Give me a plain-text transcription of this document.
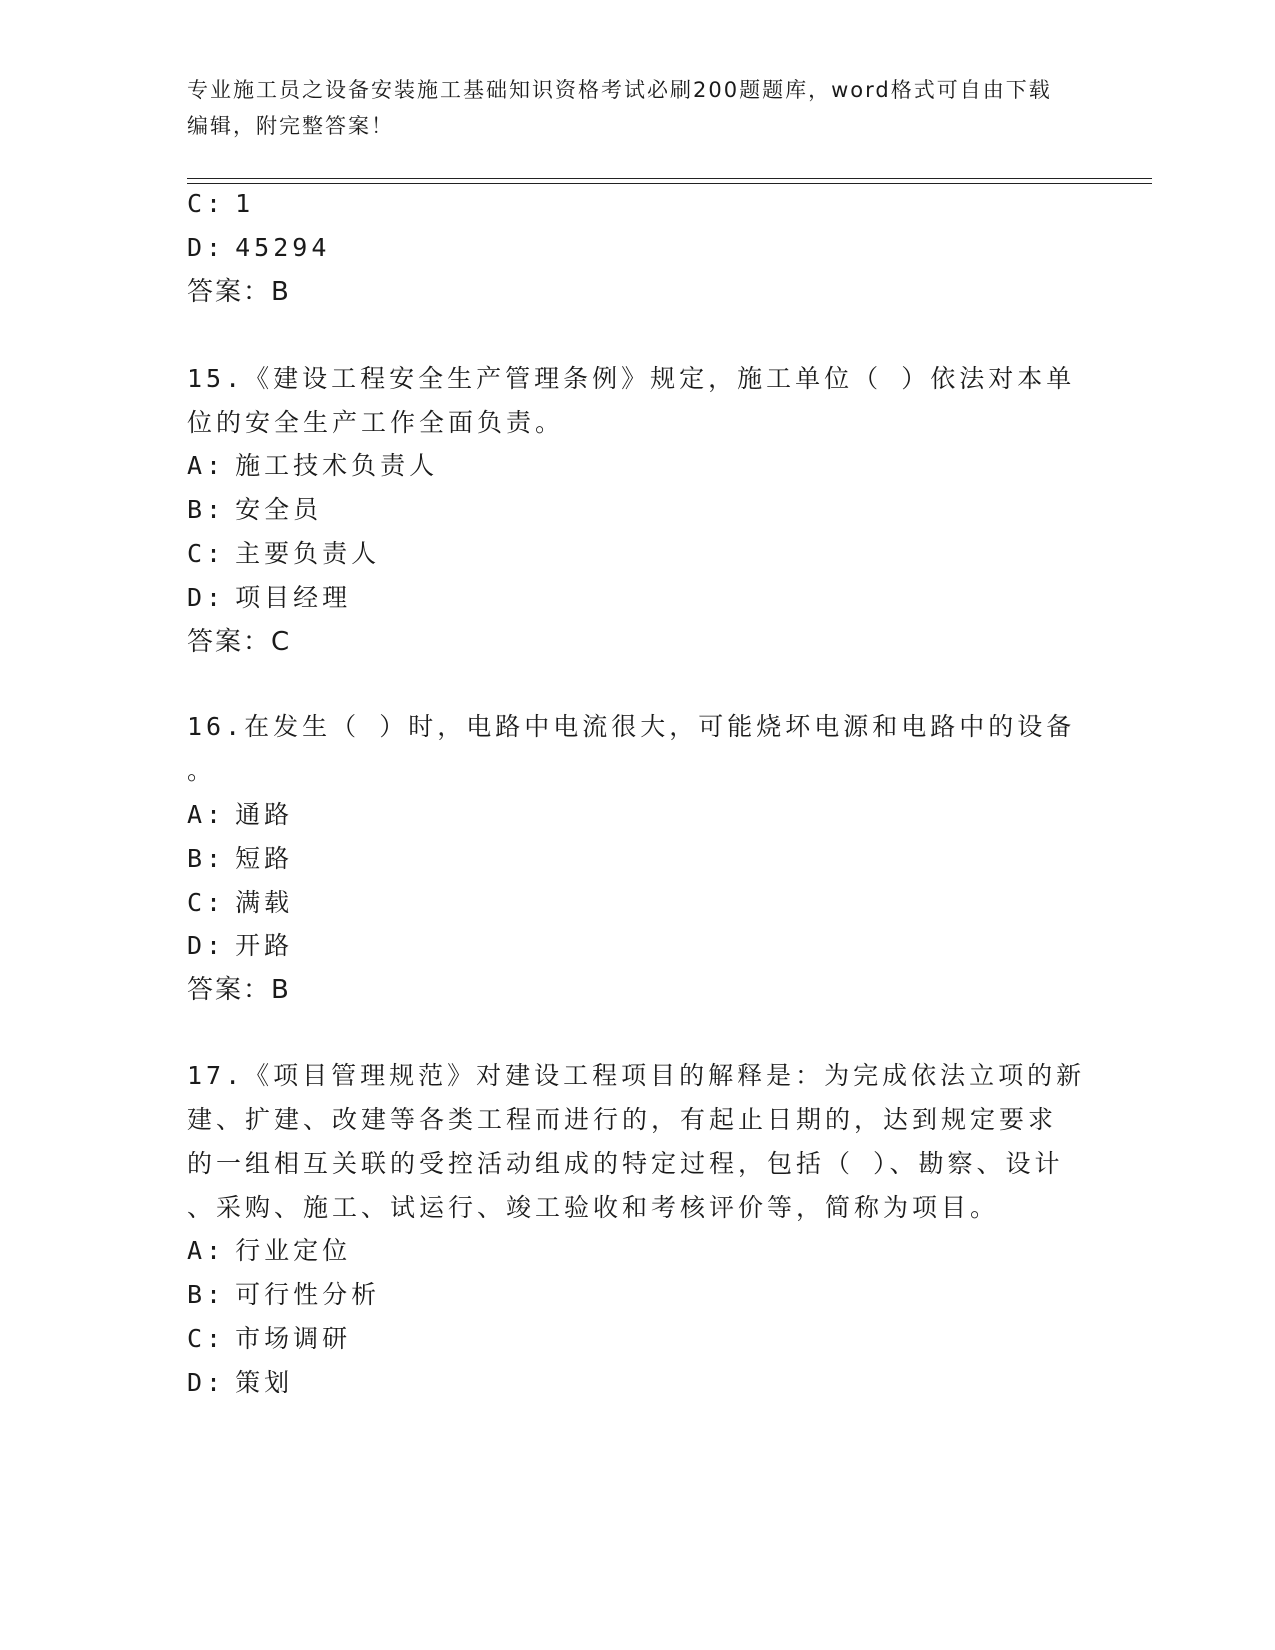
专业施工员之设备安装施工基础知识资格考试必刷200题题库，word格式可自由下载编辑，附完整答案！
C: 1
D: 45294
答案：B
15.《建设工程安全生产管理条例》规定，施工单位（ ）依法对本单
位的安全生产工作全面负责。
A: 施工技术负责人
B: 安全员
C: 主要负责人
D: 项目经理
答案：C
16.在发生（ ）时，电路中电流很大，可能烧坏电源和电路中的设备
。
A: 通路
B: 短路
C: 满载
D: 开路
答案：B
17.《项目管理规范》对建设工程项目的解释是：为完成依法立项的新
建、扩建、改建等各类工程而进行的，有起止日期的，达到规定要求
的一组相互关联的受控活动组成的特定过程，包括（ ）、勘察、设计
、采购、施工、试运行、竣工验收和考核评价等，简称为项目。
A: 行业定位
B: 可行性分析
C: 市场调研
D: 策划
